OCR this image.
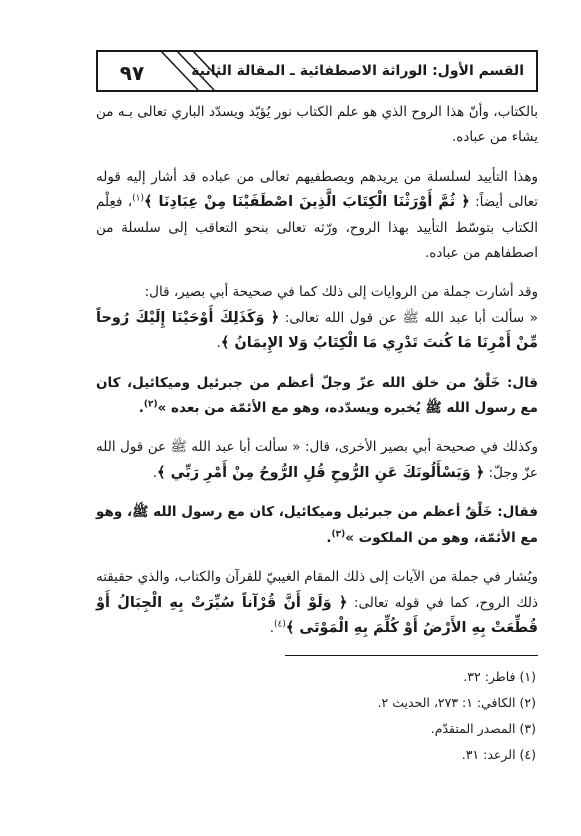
٩٧	القسم الأول: الوراثة الاصطفائية ـ المقالة الثانية

بالكتاب، وأنّ هذا الروح الذي هو علم الكتاب نور يُؤيّد ويسدّد الباري تعالى بـه من يشاء من عباده.

وهذا التأييد لسلسلة من يريدهم ويصطفيهم تعالى من عباده قد أشار إليه قوله تعالى أيضاً: ﴿ ثُمَّ أَوْرَثْنَا الْكِتَابَ الَّذِينَ اصْطَفَيْنَا مِنْ عِبَادِنَا ﴾$^{(١)}$، فعِلْم الكتاب بتوسّط التأييد بهذا الروح، ورّثه تعالى بنحو التعاقب إلى سلسلة من اصطفاهم من عباده.

وقد أشارت جملة من الروايات إلى ذلك كما في صحيحة أبي بصير، قال:
« سألت أبا عبد الله ﷺ عن قول الله تعالى: ﴿ وَكَذَلِكَ أَوْحَيْنَا إِلَيْكَ رُوحاً مِّنْ أَمْرِنَا مَا كُنتَ تَدْرِي مَا الْكِتَابُ وَلا الإِيمَانُ ﴾.

قال: خَلْقٌ من خلق الله عزّ وجلّ أعظم من جبرئيل وميكائيل، كان مع رسول الله ﷺ يُخبره ويسدّده، وهو مع الأئمّة من بعده »$^{(٢)}$.

وكذلك في صحيحة أبي بصير الأخرى، قال: « سألت أبا عبد الله ﷺ عن قول الله عزّ وجلّ: ﴿ وَيَسْأَلُونَكَ عَنِ الرُّوحِ قُلِ الرُّوحُ مِنْ أَمْرِ رَبِّي ﴾.

فقال: خَلْقٌ أعظم من جبرئيل وميكائيل، كان مع رسول الله ﷺ، وهو مع الأئمّة، وهو من الملكوت »$^{(٣)}$.

ويُشار في جملة من الآيات إلى ذلك المقام الغيبيّ للقرآن والكتاب، والذي حقيقته ذلك الروح، كما في قوله تعالى: ﴿ وَلَوْ أَنَّ قُرْآناً سُيِّرَتْ بِهِ الْجِبَالُ أَوْ قُطِّعَتْ بِهِ الأَرْضُ أَوْ كُلِّمَ بِهِ الْمَوْتَى ﴾$^{(٤)}$.

(١) فاطر: ٣٢.

(٢) الكافي: ١: ٢٧٣، الحديث ٢.

(٣) المصدر المتقدّم.

(٤) الرعد: ٣١.
